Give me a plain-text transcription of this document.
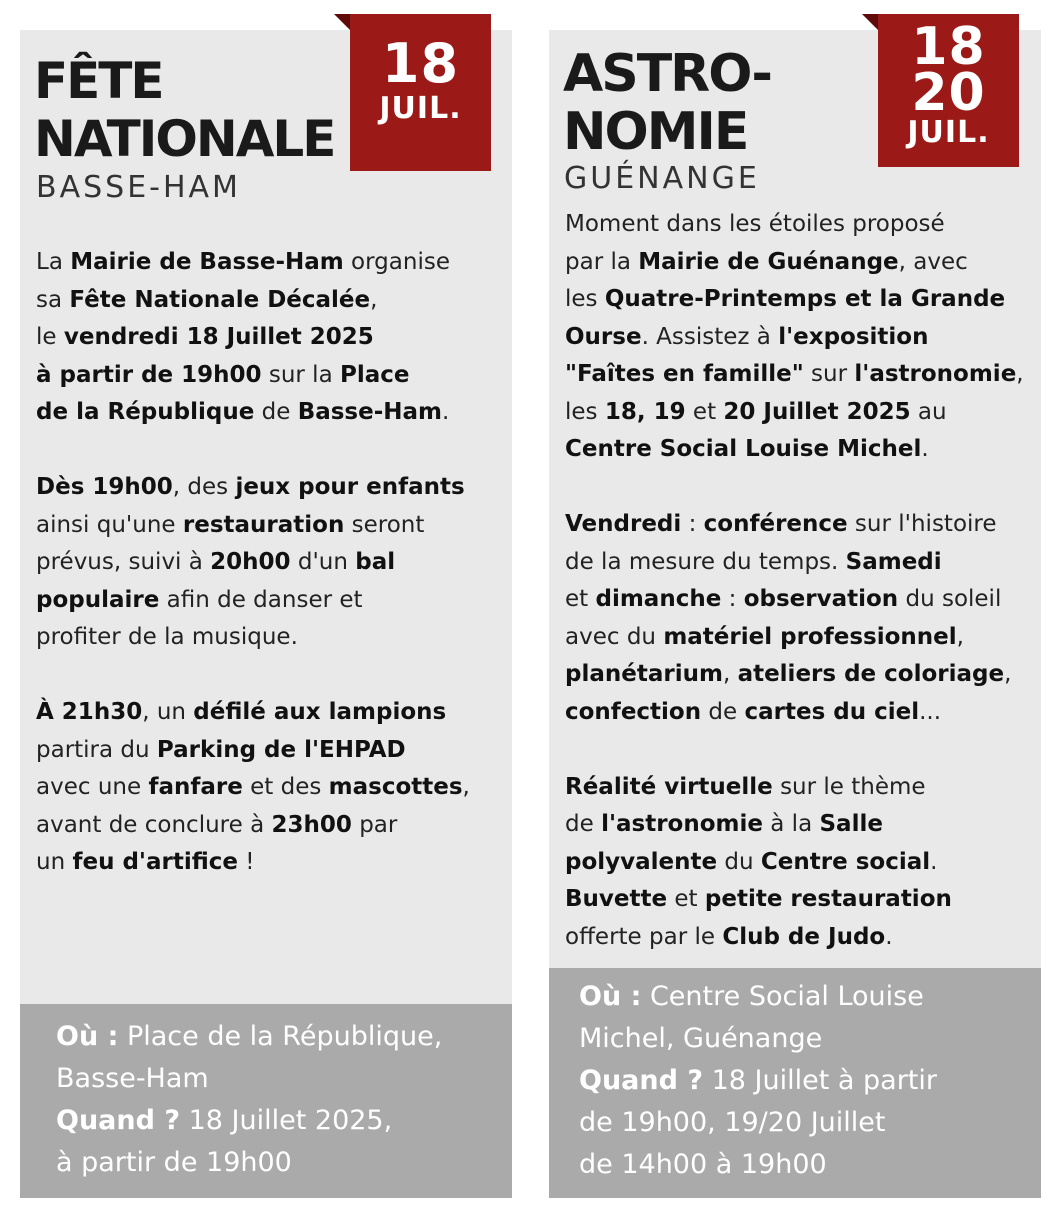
18
JUIL.
FÊTE
NATIONALE
BASSE-HAM

La Mairie de Basse-Ham organise
sa Fête Nationale Décalée,
le vendredi 18 Juillet 2025
à partir de 19h00 sur la Place
de la République de Basse-Ham.

Dès 19h00, des jeux pour enfants
ainsi qu'une restauration seront
prévus, suivi à 20h00 d'un bal
populaire afin de danser et
profiter de la musique.

À 21h30, un défilé aux lampions
partira du Parking de l'EHPAD
avec une fanfare et des mascottes,
avant de conclure à 23h00 par
un feu d'artifice !

Où : Place de la République,

Basse-Ham

Quand ? 18 Juillet 2025,

à partir de 19h00

18
20
JUIL.
ASTRO-
NOMIE
GUÉNANGE

Moment dans les étoiles proposé
par la Mairie de Guénange, avec
les Quatre-Printemps et la Grande
Ourse. Assistez à l'exposition
"Faîtes en famille" sur l'astronomie,
les 18, 19 et 20 Juillet 2025 au
Centre Social Louise Michel.

Vendredi : conférence sur l'histoire
de la mesure du temps. Samedi
et dimanche : observation du soleil
avec du matériel professionnel,
planétarium, ateliers de coloriage,
confection de cartes du ciel...

Réalité virtuelle sur le thème
de l'astronomie à la Salle
polyvalente du Centre social.
Buvette et petite restauration
offerte par le Club de Judo.

Où : Centre Social Louise

Michel, Guénange

Quand ? 18 Juillet à partir

de 19h00, 19/20 Juillet

de 14h00 à 19h00
